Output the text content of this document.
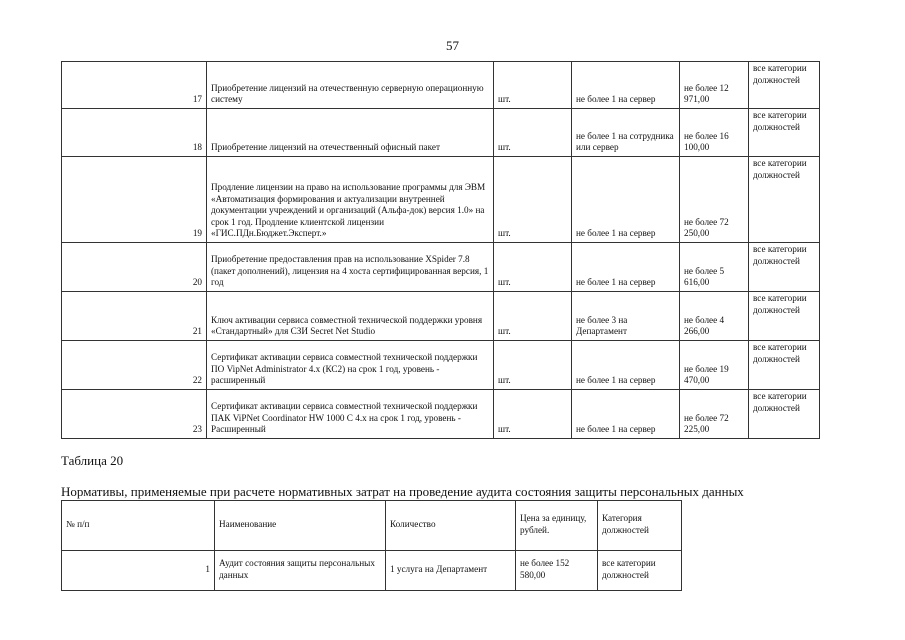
57
17	Приобретение лицензий на отечественную серверную операционную систему	шт.	не более 1 на сервер	не более 12 971,00	все категории должностей
18	Приобретение лицензий на отечественный офисный пакет	шт.	не более 1 на сотрудника или сервер	не более 16 100,00	все категории должностей
19	Продление лицензии на право на использование программы для ЭВМ «Автоматизация формирования и актуализации внутренней документации учреждений и организаций (Альфа-док) версия 1.0» на срок 1 год. Продление клиентской лицензии «ГИС.ПДн.Бюджет.Эксперт.»	шт.	не более 1 на сервер	не более 72 250,00	все категории должностей
20	Приобретение предоставления прав на использование XSpider 7.8 (пакет дополнений), лицензия на 4 хоста сертифицированная версия, 1 год	шт.	не более 1 на сервер	не более 5 616,00	все категории должностей
21	Ключ активации сервиса совместной технической поддержки уровня «Стандартный» для СЗИ Secret Net Studio	шт.	не более 3 на Департамент	не более 4 266,00	все категории должностей
22	Сертификат активации сервиса совместной технической поддержки ПО VipNet Administrator 4.x (КС2) на срок 1 год, уровень - расширенный	шт.	не более 1 на сервер	не более 19 470,00	все категории должностей
23	Сертификат активации сервиса совместной технической поддержки ПАК ViPNet Coordinator HW 1000 С 4.x на срок 1 год, уровень - Расширенный	шт.	не более 1 на сервер	не более 72 225,00	все категории должностей
Таблица 20
Нормативы, применяемые при расчете нормативных затрат на проведение аудита состояния защиты персональных данных
№ п/п	Наименование	Количество	Цена за единицу, рублей.	Категория должностей
1	Аудит состояния защиты персональных данных	1 услуга на Департамент	не более 152 580,00	все категории должностей
